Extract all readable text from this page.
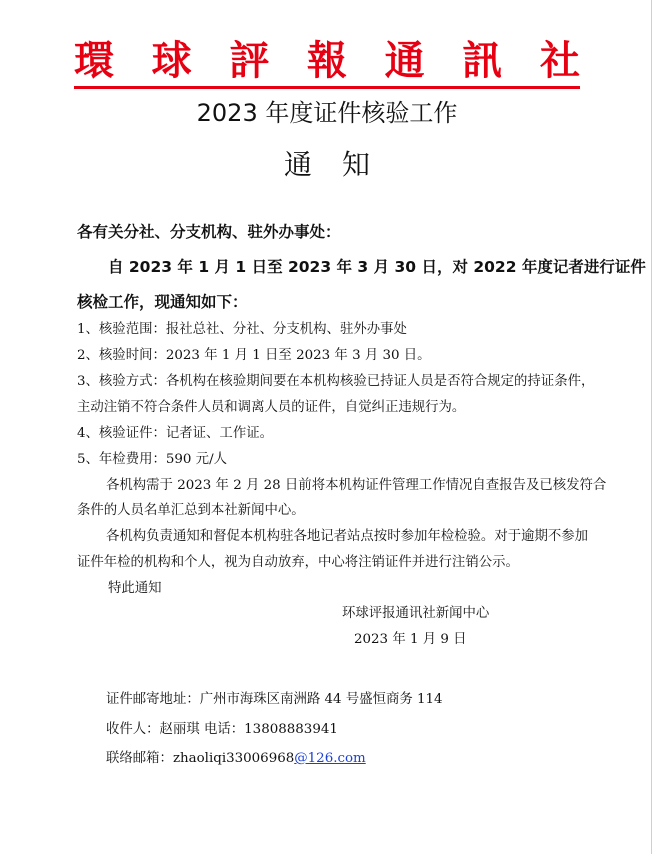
環 球 評 報 通 訊 社
2023 年度证件核验工作
通知
各有关分社、分支机构、驻外办事处：
自 2023 年 1 月 1 日至 2023 年 3 月 30 日，对 2022 年度记者进行证件
核检工作，现通知如下：
1、核验范围：报社总社、分社、分支机构、驻外办事处
2、核验时间：2023 年 1 月 1 日至 2023 年 3 月 30 日。
3、核验方式：各机构在核验期间要在本机构核验已持证人员是否符合规定的持证条件，
主动注销不符合条件人员和调离人员的证件，自觉纠正违规行为。
4、核验证件：记者证、工作证。
5、年检费用：590 元/人
各机构需于 2023 年 2 月 28 日前将本机构证件管理工作情况自查报告及已核发符合
条件的人员名单汇总到本社新闻中心。
各机构负责通知和督促本机构驻各地记者站点按时参加年检检验。对于逾期不参加
证件年检的机构和个人，视为自动放弃，中心将注销证件并进行注销公示。
特此通知
环球评报通讯社新闻中心
2023 年 1 月 9 日
证件邮寄地址：广州市海珠区南洲路 44 号盛恒商务 114
收件人：赵丽琪 电话：13808883941
联络邮箱：zhaoliqi33006968@126.com
